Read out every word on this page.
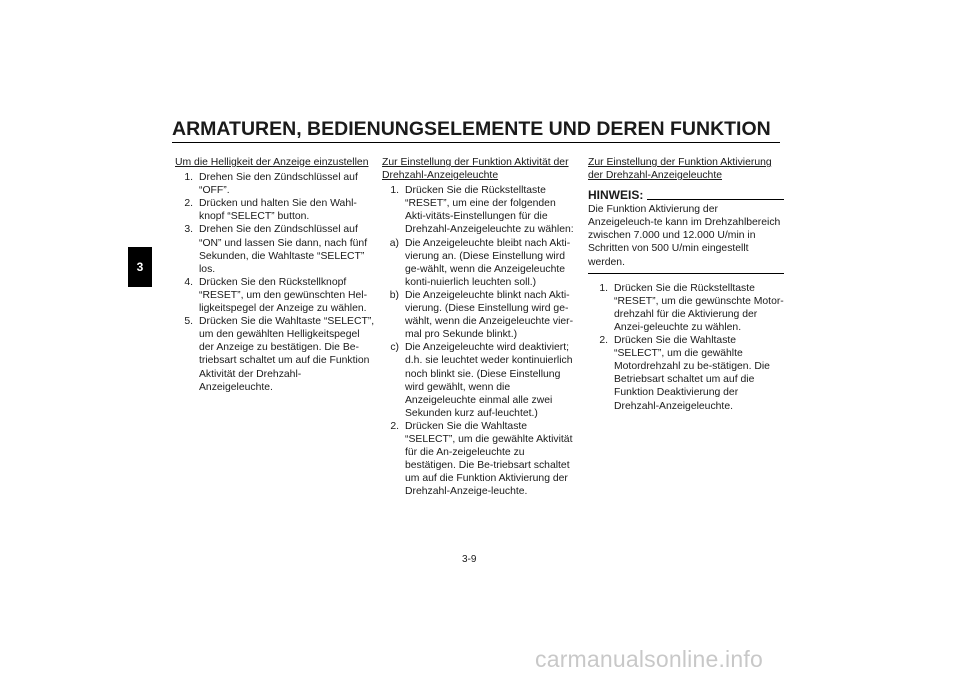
ARMATUREN, BEDIENUNGSELEMENTE UND DEREN FUNKTION
3

Um die Helligkeit der Anzeige einzustellen

1. Drehen Sie den Zündschlüssel auf “OFF”.
2. Drücken und halten Sie den Wahl-knopf “SELECT” button.
3. Drehen Sie den Zündschlüssel auf “ON” und lassen Sie dann, nach fünf Sekunden, die Wahltaste “SELECT” los.
4. Drücken Sie den Rückstellknopf “RESET”, um den gewünschten Hel-ligkeitspegel der Anzeige zu wählen.
5. Drücken Sie die Wahltaste “SELECT”, um den gewählten Helligkeitspegel der Anzeige zu bestätigen. Die Be-triebsart schaltet um auf die Funktion Aktivität der Drehzahl-Anzeigeleuchte.

Zur Einstellung der Funktion Aktivität der Drehzahl-Anzeigeleuchte

1. Drücken Sie die Rückstelltaste “RESET”, um eine der folgenden Akti-vitäts-Einstellungen für die Drehzahl-Anzeigeleuchte zu wählen:
a) Die Anzeigeleuchte bleibt nach Akti-vierung an. (Diese Einstellung wird ge-wählt, wenn die Anzeigeleuchte konti-nuierlich leuchten soll.)
b) Die Anzeigeleuchte blinkt nach Akti-vierung. (Diese Einstellung wird ge-wählt, wenn die Anzeigeleuchte vier-mal pro Sekunde blinkt.)
c) Die Anzeigeleuchte wird deaktiviert; d.h. sie leuchtet weder kontinuierlich noch blinkt sie. (Diese Einstellung wird gewählt, wenn die Anzeigeleuchte einmal alle zwei Sekunden kurz auf-leuchtet.)
2. Drücken Sie die Wahltaste “SELECT”, um die gewählte Aktivität für die An-zeigeleuchte zu bestätigen. Die Be-triebsart schaltet um auf die Funktion Aktivierung der Drehzahl-Anzeige-leuchte.

Zur Einstellung der Funktion Aktivierung der Drehzahl-Anzeigeleuchte

HINWEIS:
Die Funktion Aktivierung der Anzeigeleuch-te kann im Drehzahlbereich zwischen 7.000 und 12.000 U/min in Schritten von 500 U/min eingestellt werden.
1. Drücken Sie die Rückstelltaste “RESET”, um die gewünschte Motor-drehzahl für die Aktivierung der Anzei-geleuchte zu wählen.
2. Drücken Sie die Wahltaste “SELECT”, um die gewählte Motordrehzahl zu be-stätigen. Die Betriebsart schaltet um auf die Funktion Deaktivierung der Drehzahl-Anzeigeleuchte.
3-9
carmanualsonline.info
